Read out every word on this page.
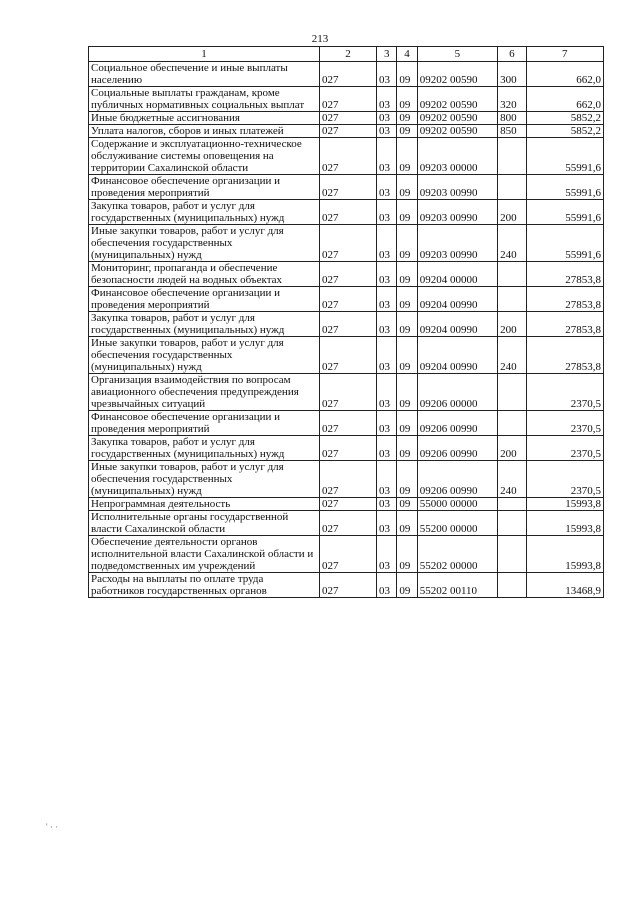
213
1	2	3	4	5	6	7
Социальное обеспечение и иные выплаты населению	027	03	09	09202 00590	300	662,0
Социальные выплаты гражданам, кроме публичных нормативных социальных выплат	027	03	09	09202 00590	320	662,0
Иные бюджетные ассигнования	027	03	09	09202 00590	800	5852,2
Уплата налогов, сборов и иных платежей	027	03	09	09202 00590	850	5852,2
Содержание и эксплуатационно-техническое обслуживание системы оповещения на территории Сахалинской области	027	03	09	09203 00000		55991,6
Финансовое обеспечение организации и проведения мероприятий	027	03	09	09203 00990		55991,6
Закупка товаров, работ и услуг для государственных (муниципальных) нужд	027	03	09	09203 00990	200	55991,6
Иные закупки товаров, работ и услуг для обеспечения государственных (муниципальных) нужд	027	03	09	09203 00990	240	55991,6
Мониторинг, пропаганда и обеспечение безопасности людей на водных объектах	027	03	09	09204 00000		27853,8
Финансовое обеспечение организации и проведения мероприятий	027	03	09	09204 00990		27853,8
Закупка товаров, работ и услуг для государственных (муниципальных) нужд	027	03	09	09204 00990	200	27853,8
Иные закупки товаров, работ и услуг для обеспечения государственных (муниципальных) нужд	027	03	09	09204 00990	240	27853,8
Организация взаимодействия по вопросам авиационного обеспечения предупреждения чрезвычайных ситуаций	027	03	09	09206 00000		2370,5
Финансовое обеспечение организации и проведения мероприятий	027	03	09	09206 00990		2370,5
Закупка товаров, работ и услуг для государственных (муниципальных) нужд	027	03	09	09206 00990	200	2370,5
Иные закупки товаров, работ и услуг для обеспечения государственных (муниципальных) нужд	027	03	09	09206 00990	240	2370,5
Непрограммная деятельность	027	03	09	55000 00000		15993,8
Исполнительные органы государственной власти Сахалинской области	027	03	09	55200 00000		15993,8
Обеспечение деятельности органов исполнительной власти Сахалинской области и подведомственных им учреждений	027	03	09	55202 00000		15993,8
Расходы на выплаты по оплате труда работников государственных органов	027	03	09	55202 00110		13468,9
' · ·
